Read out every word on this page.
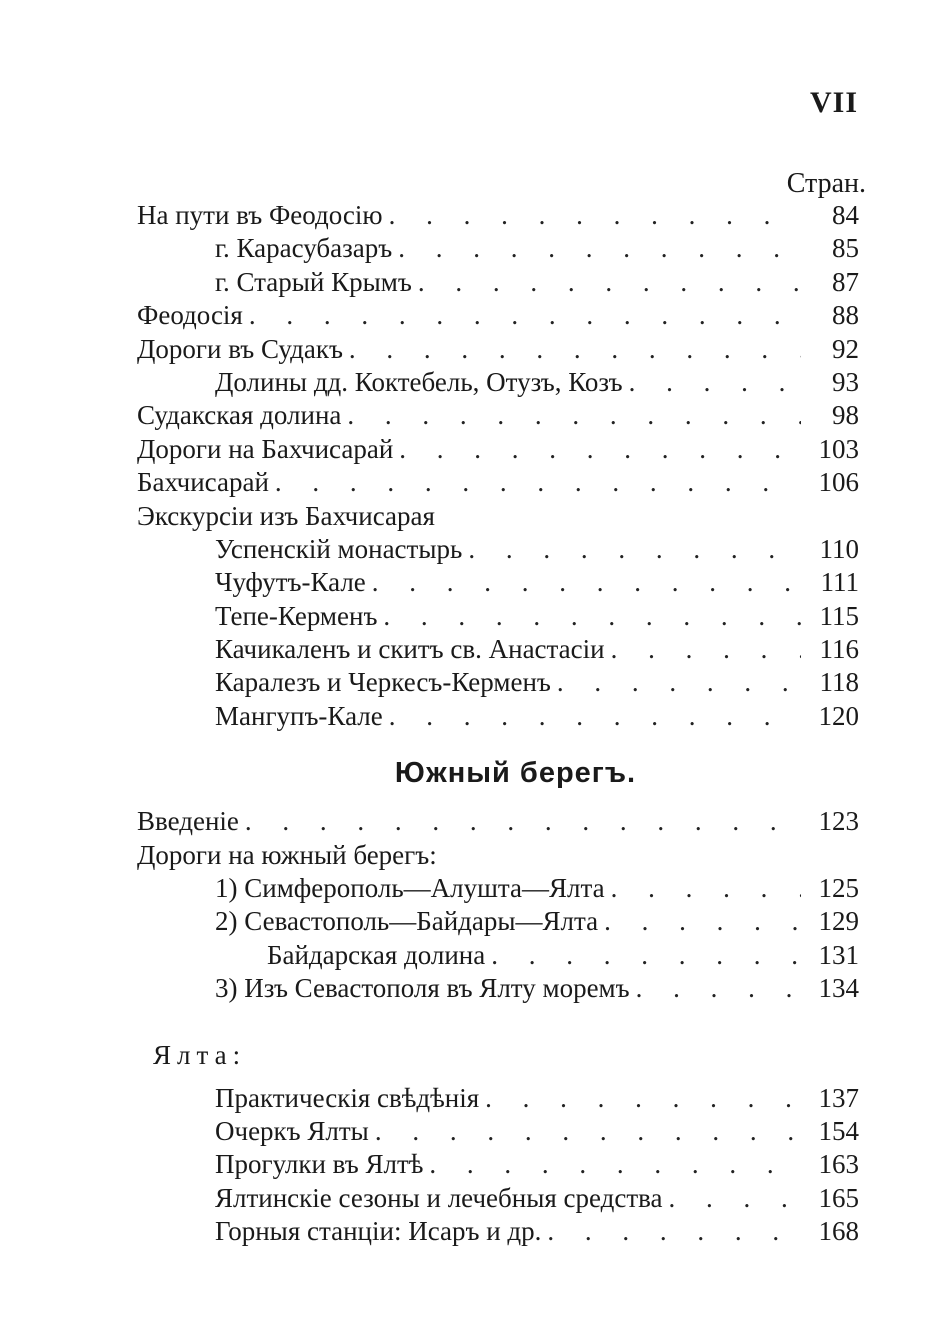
VII
Стран.
На пути въ Феодосію . . .	84
г. Карасубазаръ . . .	85
г. Старый Крымъ . . .	87
Феодосія . . .	88
Дороги въ Судакъ . . .	92
Долины дд. Коктебель, Отузъ, Козъ . . .	93
Судакская долина . . .	98
Дороги на Бахчисарай . . .	103
Бахчисарай . . .	106
Экскурсіи изъ Бахчисарая
Успенскій монастырь . . .	110
Чуфутъ-Кале . . .	111
Тепе-Керменъ . . .	115
Качикаленъ и скитъ св. Анастасіи . . .	116
Каралезъ и Черкесъ-Керменъ . . .	118
Мангупъ-Кале . . .	120
Южный берегъ.
Введеніе . . .	123
Дороги на южный берегъ:
1) Симферополь—Алушта—Ялта . . .	125
2) Севастополь—Байдары—Ялта . . .	129
Байдарская долина . . .	131
3) Изъ Севастополя въ Ялту моремъ . . .	134
Ялта:
Практическія свѣдѣнія . . .	137
Очеркъ Ялты . . .	154
Прогулки въ Ялтѣ . . .	163
Ялтинскіе сезоны и лечебныя средства . . .	165
Горныя станціи: Исаръ и др. . . .	168
